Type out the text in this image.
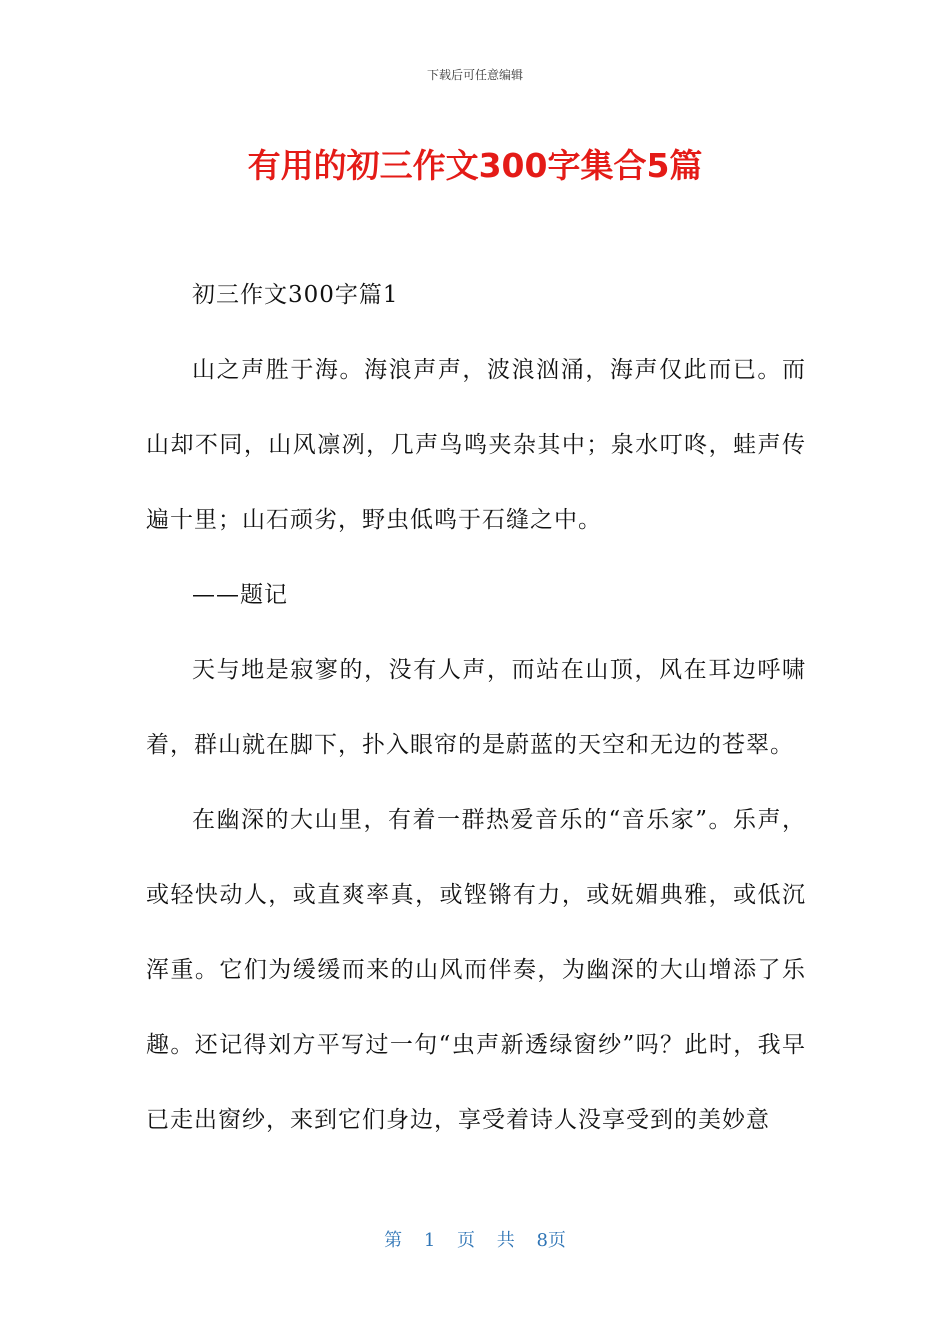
下载后可任意编辑
有用的初三作文300字集合5篇

初三作文300字篇1

山之声胜于海。海浪声声，波浪汹涌，海声仅此而已。而山却不同，山风凛冽，几声鸟鸣夹杂其中；泉水叮咚，蛙声传遍十里；山石顽劣，野虫低鸣于石缝之中。

——题记

天与地是寂寥的，没有人声，而站在山顶，风在耳边呼啸着，群山就在脚下，扑入眼帘的是蔚蓝的天空和无边的苍翠。

在幽深的大山里，有着一群热爱音乐的“音乐家”。乐声，或轻快动人，或直爽率真，或铿锵有力，或妩媚典雅，或低沉浑重。它们为缓缓而来的山风而伴奏，为幽深的大山增添了乐趣。还记得刘方平写过一句“虫声新透绿窗纱”吗？此时，我早已走出窗纱，来到它们身边，享受着诗人没享受到的美妙意

第 1 页 共 8页
